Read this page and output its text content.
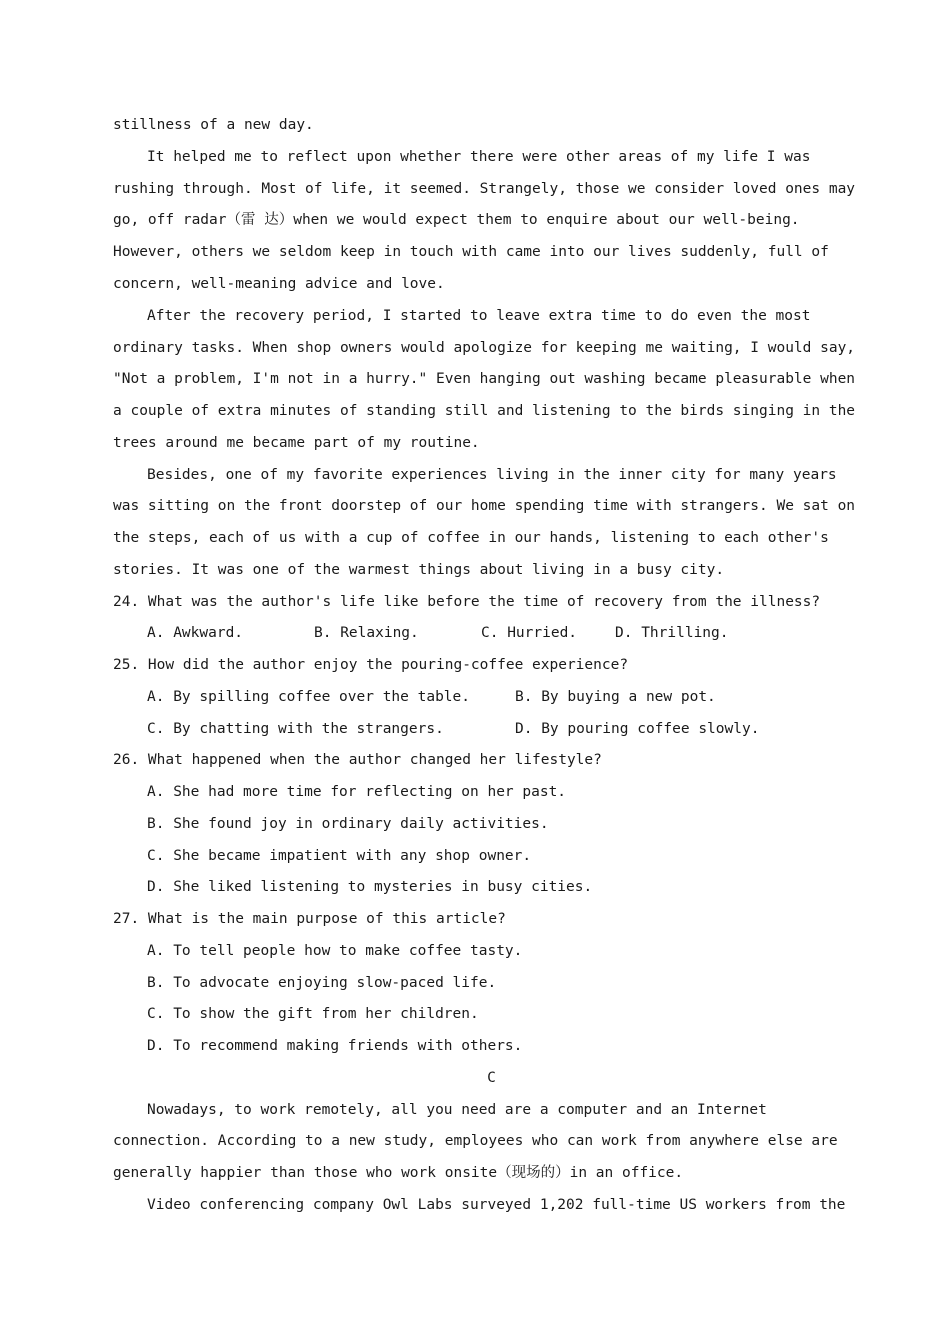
stillness of a new day.
It helped me to reflect upon whether there were other areas of my life I was
rushing through. Most of life, it seemed. Strangely, those we consider loved ones may
go, off radar（雷 达）when we would expect them to enquire about our well-being.
However, others we seldom keep in touch with came into our lives suddenly, full of
concern, well-meaning advice and love.
After the recovery period, I started to leave extra time to do even the most
ordinary tasks. When shop owners would apologize for keeping me waiting, I would say,
"Not a problem, I'm not in a hurry." Even hanging out washing became pleasurable when
a couple of extra minutes of standing still and listening to the birds singing in the
trees around me became part of my routine.
Besides, one of my favorite experiences living in the inner city for many years
was sitting on the front doorstep of our home spending time with strangers. We sat on
the steps, each of us with a cup of coffee in our hands, listening to each other's
stories. It was one of the warmest things about living in a busy city.
24. What was the author's life like before the time of recovery from the illness?
A. Awkward.	B. Relaxing.	C. Hurried.	D. Thrilling.
25. How did the author enjoy the pouring-coffee experience?
A. By spilling coffee over the table.	B. By buying a new pot.
C. By chatting with the strangers.	D. By pouring coffee slowly.
26. What happened when the author changed her lifestyle?
A. She had more time for reflecting on her past.
B. She found joy in ordinary daily activities.
C. She became impatient with any shop owner.
D. She liked listening to mysteries in busy cities.
27. What is the main purpose of this article?
A. To tell people how to make coffee tasty.
B. To advocate enjoying slow-paced life.
C. To show the gift from her children.
D. To recommend making friends with others.
C
Nowadays, to work remotely, all you need are a computer and an Internet
connection. According to a new study, employees who can work from anywhere else are
generally happier than those who work onsite（现场的）in an office.
Video conferencing company Owl Labs surveyed 1,202 full-time US workers from the
